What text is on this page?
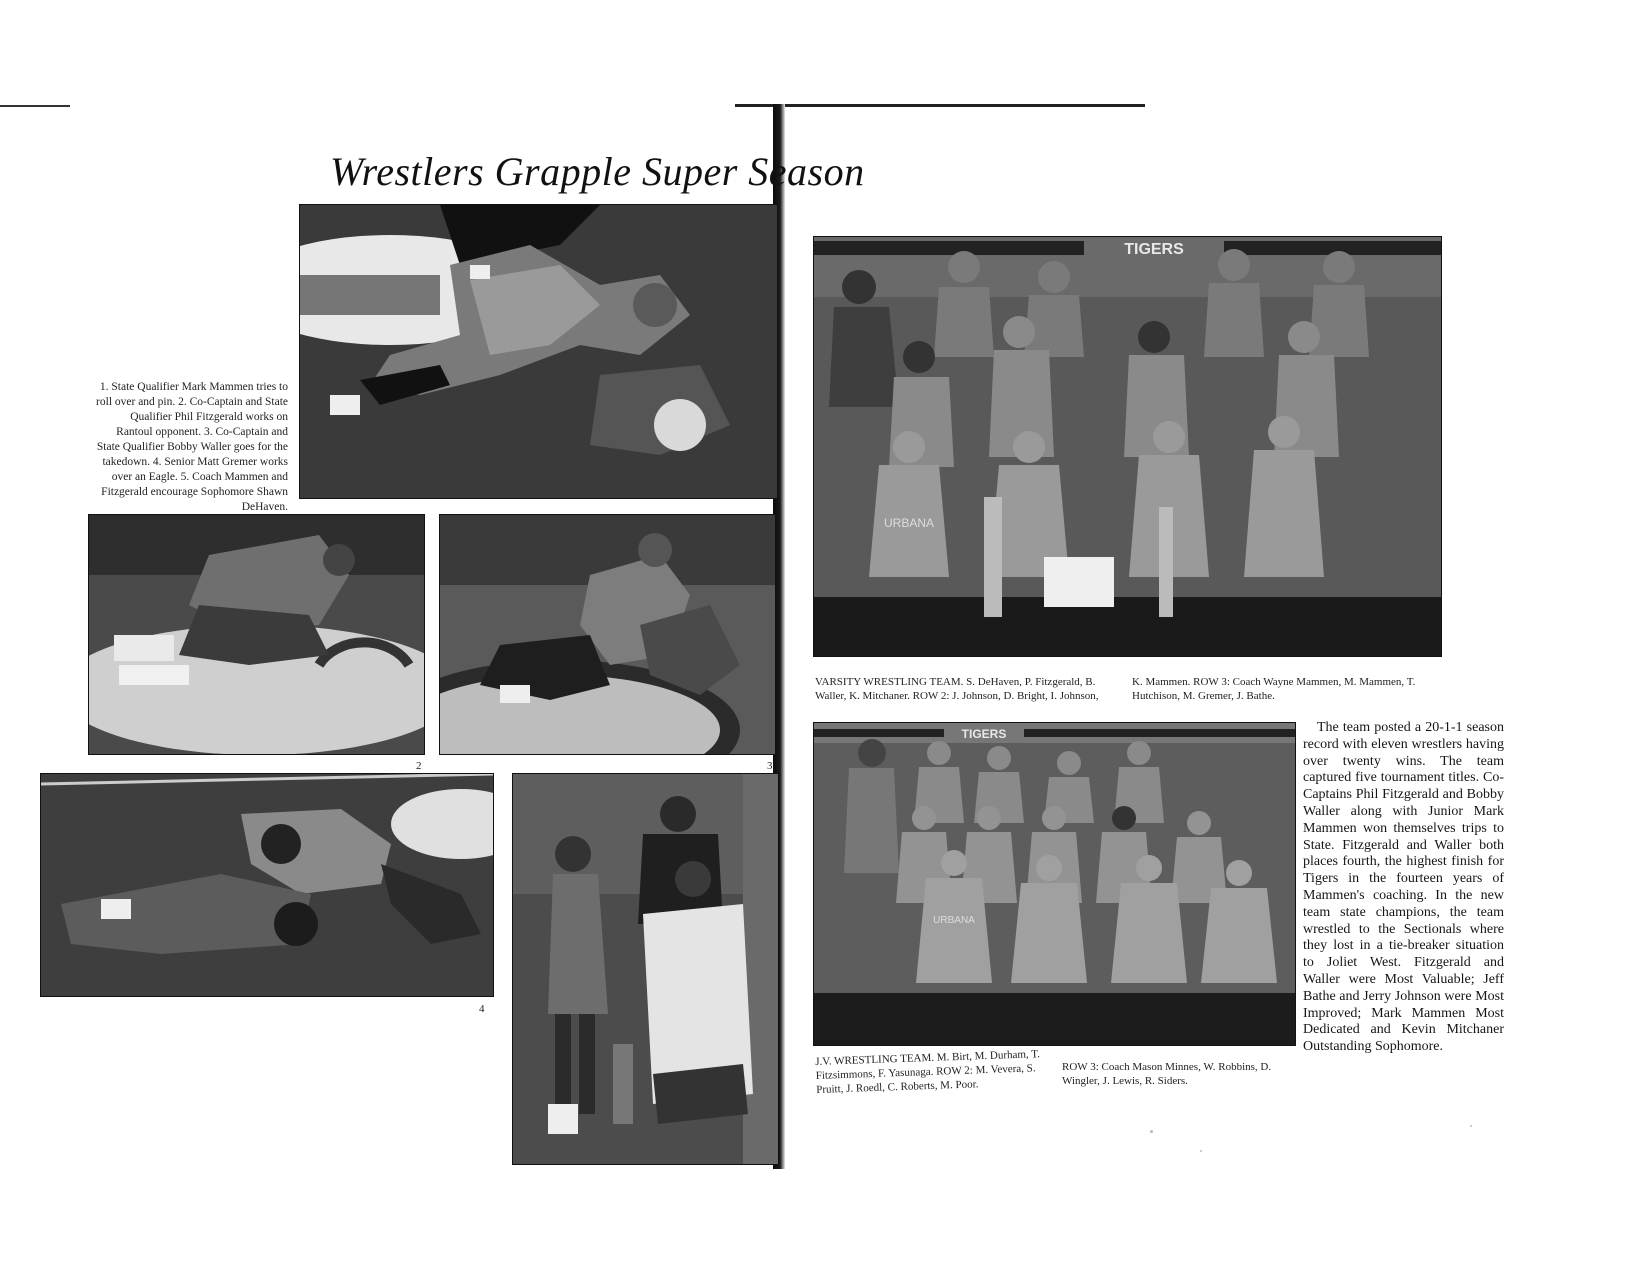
Wrestlers Grapple Super Season
1. State Qualifier Mark Mammen tries to roll over and pin. 2. Co-Captain and State Qualifier Phil Fitzgerald works on Rantoul opponent. 3. Co-Captain and State Qualifier Bobby Waller goes for the takedown. 4. Senior Matt Gremer works over an Eagle. 5. Coach Mammen and Fitzgerald encourage Sophomore Shawn DeHaven.
2	3
4
TIGERS
URBANA
VARSITY WRESTLING TEAM. S. DeHaven, P. Fitzgerald, B. Waller, K. Mitchaner. ROW 2: J. Johnson, D. Bright, I. Johnson,
K. Mammen. ROW 3: Coach Wayne Mammen, M. Mammen, T. Hutchison, M. Gremer, J. Bathe.
TIGERS
URBANA
J.V. WRESTLING TEAM. M. Birt, M. Durham, T. Fitzsimmons, F. Yasunaga. ROW 2: M. Vevera, S. Pruitt, J. Roedl, C. Roberts, M. Poor.
ROW 3: Coach Mason Minnes, W. Robbins, D. Wingler, J. Lewis, R. Siders.

The team posted a 20-1-1 season record with eleven wrestlers having over twenty wins. The team captured five tournament titles. Co-Captains Phil Fitzgerald and Bobby Waller along with Junior Mark Mammen won themselves trips to State. Fitzgerald and Waller both places fourth, the highest finish for Tigers in the fourteen years of Mammen's coaching. In the new team state champions, the team wrestled to the Sectionals where they lost in a tie-breaker situation to Joliet West. Fitzgerald and Waller were Most Valuable; Jeff Bathe and Jerry Johnson were Most Improved; Mark Mammen Most Dedicated and Kevin Mitchaner Outstanding Sophomore.
